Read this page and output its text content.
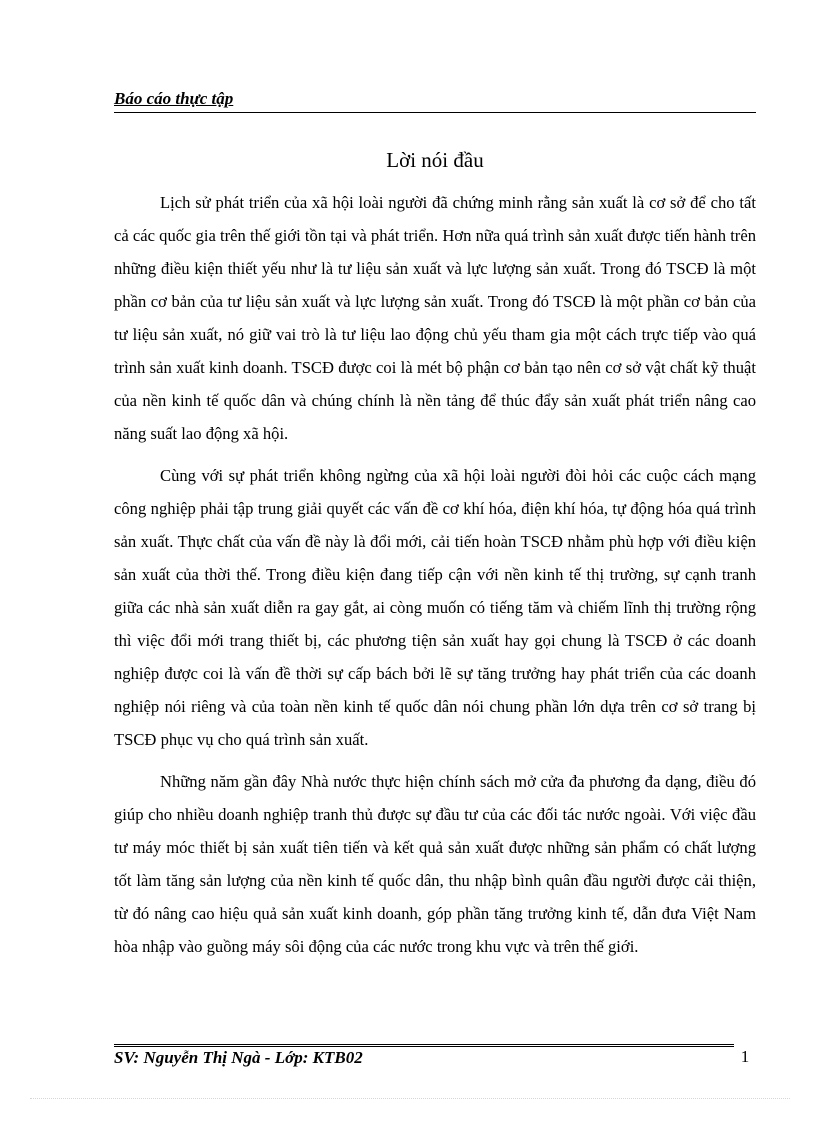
Báo cáo thực tập
Lời nói đầu

Lịch sử phát triển của xã hội loài người đã chứng minh rằng sản xuất là cơ sở để cho tất cả các quốc gia trên thế giới tồn tại và phát triển. Hơn nữa quá trình sản xuất được tiến hành trên những điều kiện thiết yếu như là tư liệu sản xuất và lực lượng sản xuất. Trong đó TSCĐ là một phần cơ bản của tư liệu sản xuất và lực lượng sản xuất. Trong đó TSCĐ là một phần cơ bản của tư liệu sản xuất, nó giữ vai trò là tư liệu lao động chủ yếu tham gia một cách trực tiếp vào quá trình sản xuất kinh doanh. TSCĐ được coi là mét bộ phận cơ bản tạo nên cơ sở vật chất kỹ thuật của nền kinh tế quốc dân và chúng chính là nền tảng để thúc đẩy sản xuất phát triển nâng cao năng suất lao động xã hội.

Cùng với sự phát triển không ngừng của xã hội loài người đòi hỏi các cuộc cách mạng công nghiệp phải tập trung giải quyết các vấn đề cơ khí hóa, điện khí hóa, tự động hóa quá trình sản xuất. Thực chất của vấn đề này là đổi mới, cải tiến hoàn TSCĐ nhằm phù hợp với điều kiện sản xuất của thời thế. Trong điều kiện đang tiếp cận với nền kinh tế thị trường, sự cạnh tranh giữa các nhà sản xuất diễn ra gay gắt, ai còng muốn có tiếng tăm và chiếm lĩnh thị trường rộng thì việc đổi mới trang thiết bị, các phương tiện sản xuất hay gọi chung là TSCĐ ở các doanh nghiệp được coi là vấn đề thời sự cấp bách bởi lẽ sự tăng trưởng hay phát triển của các doanh nghiệp nói riêng và của toàn nền kinh tế quốc dân nói chung phần lớn dựa trên cơ sở trang bị TSCĐ phục vụ cho quá trình sản xuất.

Những năm gần đây Nhà nước thực hiện chính sách mở cửa đa phương đa dạng, điều đó giúp cho nhiều doanh nghiệp tranh thủ được sự đầu tư của các đối tác nước ngoài. Với việc đầu tư máy móc thiết bị sản xuất tiên tiến và kết quả sản xuất được những sản phẩm có chất lượng tốt làm tăng sản lượng của nền kinh tế quốc dân, thu nhập bình quân đầu người được cải thiện, từ đó nâng cao hiệu quả sản xuất kinh doanh, góp phần tăng trưởng kinh tế, dẫn đưa Việt Nam hòa nhập vào guồng máy sôi động của các nước trong khu vực và trên thế giới.

SV: Nguyễn Thị Ngà - Lớp: KTB02	1
